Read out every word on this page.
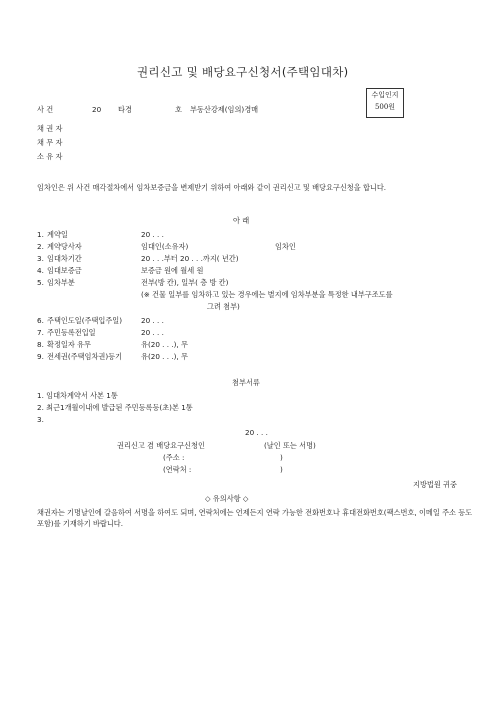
권리신고 및 배당요구신청서(주택임대차)
수입인지
500원
사 건	20 타경	호 부동산강제(임의)경매
채 권 자
채 무 자
소 유 자
임차인은 위 사건 매각절차에서 임차보증금을 변제받기 위하여 아래와 같이 권리신고 및 배당요구신청을 합니다.
아 래
1. 계약일	20 . . .
2. 계약당사자	임대인(소유자)	임차인
3. 임대차기간	20 . . .부터 20 . . .까지( 년간)
4. 임대보증금	보증금 원에 월세 원
5. 임차부분	전부(방 칸), 일부( 층 방 칸)
(※ 건물 일부를 임차하고 있는 경우에는 별지에 임차부분을 특정한 내부구조도를
그려 첨부)
6. 주택인도일(주택입주일)	20 . . .
7. 주민등록전입일	20 . . .
8. 확정일자 유무	유(20 . . .), 무
9. 전세권(주택임차권)등기	유(20 . . .), 무
첨부서류
1. 임대차계약서 사본 1통
2. 최근1개월이내에 발급된 주민등록등(초)본 1통
3.
20 . . .
권리신고 겸 배당요구신청인	(날인 또는 서명)
(주소 :	)
(연락처 :	)
지방법원 귀중
◇ 유의사항 ◇
채권자는 기명날인에 갈음하여 서명을 하여도 되며, 연락처에는 언제든지 연락 가능한 전화번호나 휴대전화번호(팩스번호, 이메일 주소 등도 포함)를 기재하기 바랍니다.
